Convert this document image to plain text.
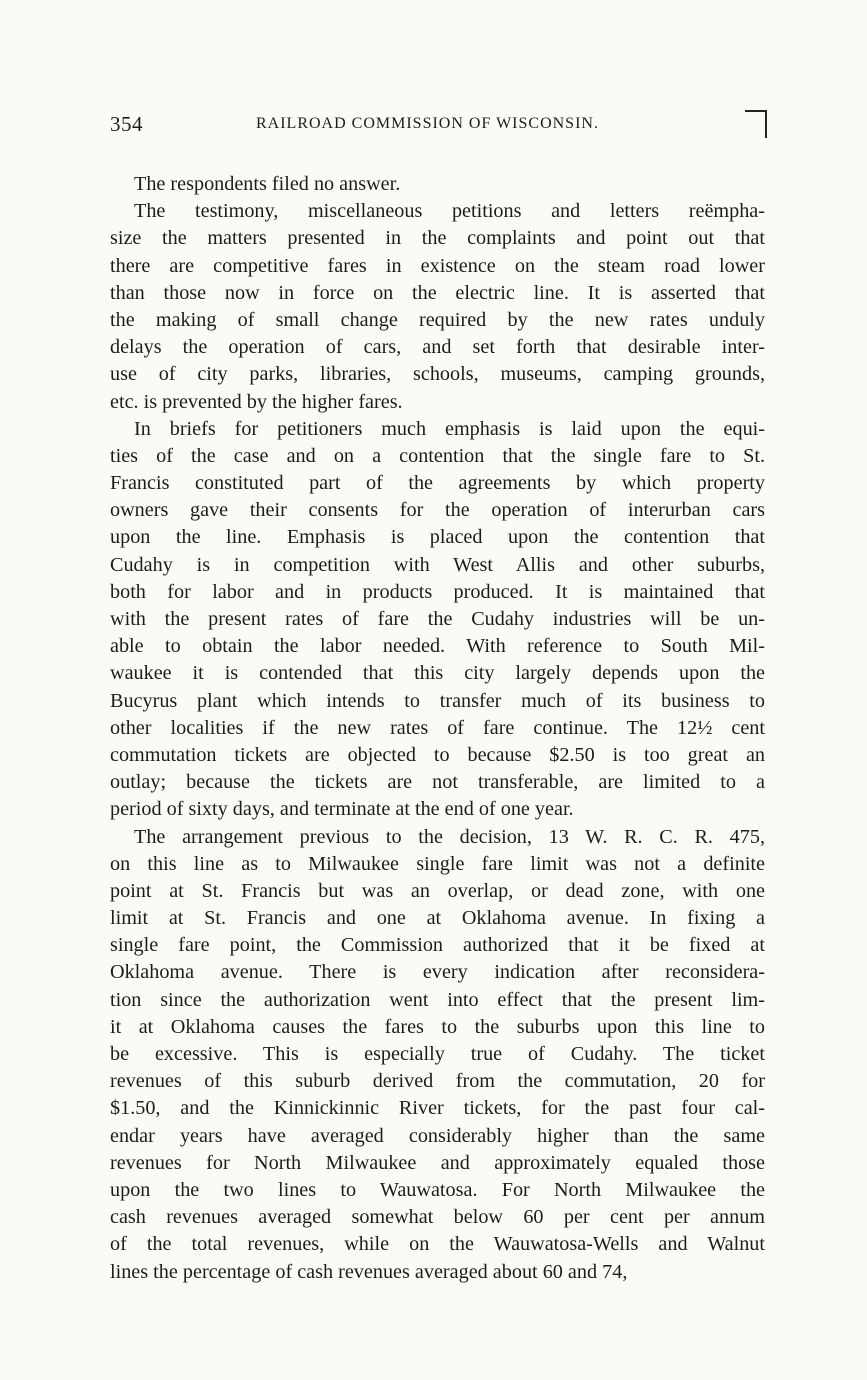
354	RAILROAD COMMISSION OF WISCONSIN.
The respondents filed no answer.
The testimony, miscellaneous petitions and letters reëmpha-
size the matters presented in the complaints and point out that
there are competitive fares in existence on the steam road lower
than those now in force on the electric line. It is asserted that
the making of small change required by the new rates unduly
delays the operation of cars, and set forth that desirable inter-
use of city parks, libraries, schools, museums, camping grounds,
etc. is prevented by the higher fares.
In briefs for petitioners much emphasis is laid upon the equi-
ties of the case and on a contention that the single fare to St.
Francis constituted part of the agreements by which property
owners gave their consents for the operation of interurban cars
upon the line. Emphasis is placed upon the contention that
Cudahy is in competition with West Allis and other suburbs,
both for labor and in products produced. It is maintained that
with the present rates of fare the Cudahy industries will be un-
able to obtain the labor needed. With reference to South Mil-
waukee it is contended that this city largely depends upon the
Bucyrus plant which intends to transfer much of its business to
other localities if the new rates of fare continue. The 12½ cent
commutation tickets are objected to because $2.50 is too great an
outlay; because the tickets are not transferable, are limited to a
period of sixty days, and terminate at the end of one year.
The arrangement previous to the decision, 13 W. R. C. R. 475,
on this line as to Milwaukee single fare limit was not a definite
point at St. Francis but was an overlap, or dead zone, with one
limit at St. Francis and one at Oklahoma avenue. In fixing a
single fare point, the Commission authorized that it be fixed at
Oklahoma avenue. There is every indication after reconsidera-
tion since the authorization went into effect that the present lim-
it at Oklahoma causes the fares to the suburbs upon this line to
be excessive. This is especially true of Cudahy. The ticket
revenues of this suburb derived from the commutation, 20 for
$1.50, and the Kinnickinnic River tickets, for the past four cal-
endar years have averaged considerably higher than the same
revenues for North Milwaukee and approximately equaled those
upon the two lines to Wauwatosa. For North Milwaukee the
cash revenues averaged somewhat below 60 per cent per annum
of the total revenues, while on the Wauwatosa-Wells and Walnut
lines the percentage of cash revenues averaged about 60 and 74,
